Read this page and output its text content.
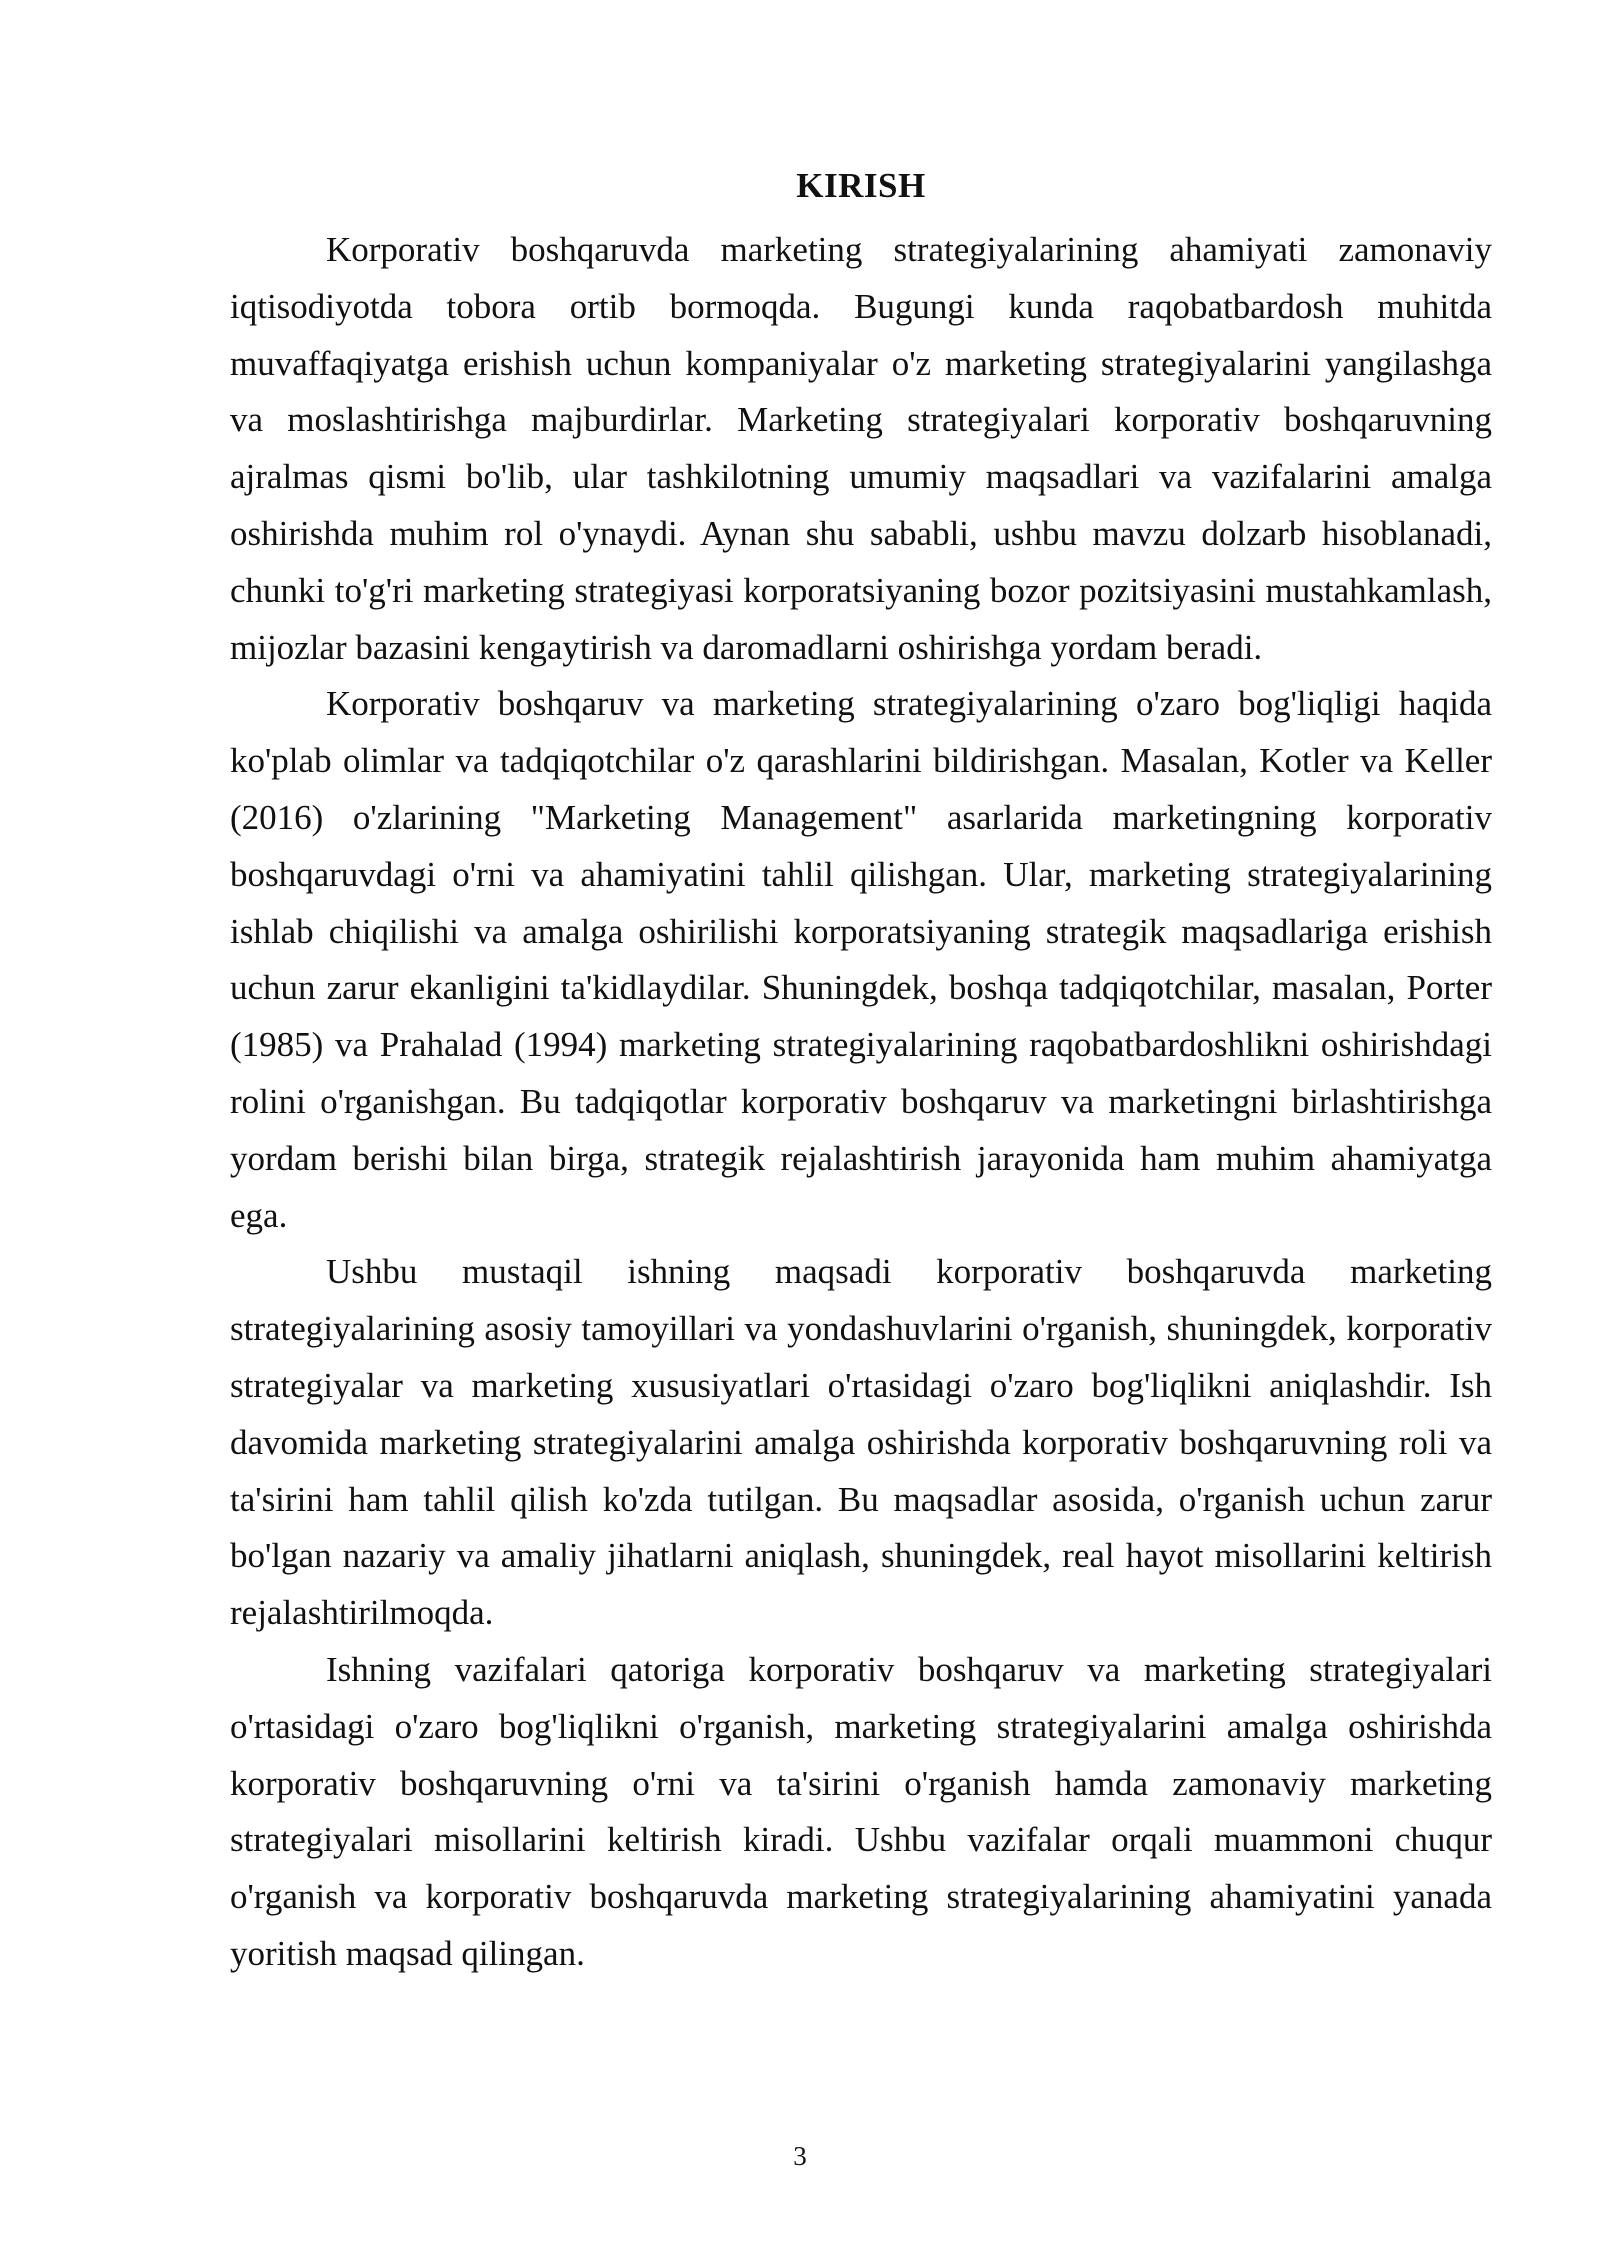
KIRISH

Korporativ boshqaruvda marketing strategiyalarining ahamiyati zamonaviy iqtisodiyotda tobora ortib bormoqda. Bugungi kunda raqobatbardosh muhitda muvaffaqiyatga erishish uchun kompaniyalar o'z marketing strategiyalarini yangilashga va moslashtirishga majburdirlar. Marketing strategiyalari korporativ boshqaruvning ajralmas qismi bo'lib, ular tashkilotning umumiy maqsadlari va vazifalarini amalga oshirishda muhim rol o'ynaydi. Aynan shu sababli, ushbu mavzu dolzarb hisoblanadi, chunki to'g'ri marketing strategiyasi korporatsiyaning bozor pozitsiyasini mustahkamlash, mijozlar bazasini kengaytirish va daromadlarni oshirishga yordam beradi.

Korporativ boshqaruv va marketing strategiyalarining o'zaro bog'liqligi haqida ko'plab olimlar va tadqiqotchilar o'z qarashlarini bildirishgan. Masalan, Kotler va Keller (2016) o'zlarining "Marketing Management" asarlarida marketingning korporativ boshqaruvdagi o'rni va ahamiyatini tahlil qilishgan. Ular, marketing strategiyalarining ishlab chiqilishi va amalga oshirilishi korporatsiyaning strategik maqsadlariga erishish uchun zarur ekanligini ta'kidlaydilar. Shuningdek, boshqa tadqiqotchilar, masalan, Porter (1985) va Prahalad (1994) marketing strategiyalarining raqobatbardoshlikni oshirishdagi rolini o'rganishgan. Bu tadqiqotlar korporativ boshqaruv va marketingni birlashtirishga yordam berishi bilan birga, strategik rejalashtirish jarayonida ham muhim ahamiyatga ega.

Ushbu mustaqil ishning maqsadi korporativ boshqaruvda marketing strategiyalarining asosiy tamoyillari va yondashuvlarini o'rganish, shuningdek, korporativ strategiyalar va marketing xususiyatlari o'rtasidagi o'zaro bog'liqlikni aniqlashdir. Ish davomida marketing strategiyalarini amalga oshirishda korporativ boshqaruvning roli va ta'sirini ham tahlil qilish ko'zda tutilgan. Bu maqsadlar asosida, o'rganish uchun zarur bo'lgan nazariy va amaliy jihatlarni aniqlash, shuningdek, real hayot misollarini keltirish rejalashtirilmoqda.

Ishning vazifalari qatoriga korporativ boshqaruv va marketing strategiyalari o'rtasidagi o'zaro bog'liqlikni o'rganish, marketing strategiyalarini amalga oshirishda korporativ boshqaruvning o'rni va ta'sirini o'rganish hamda zamonaviy marketing strategiyalari misollarini keltirish kiradi. Ushbu vazifalar orqali muammoni chuqur o'rganish va korporativ boshqaruvda marketing strategiyalarining ahamiyatini yanada yoritish maqsad qilingan.

3
